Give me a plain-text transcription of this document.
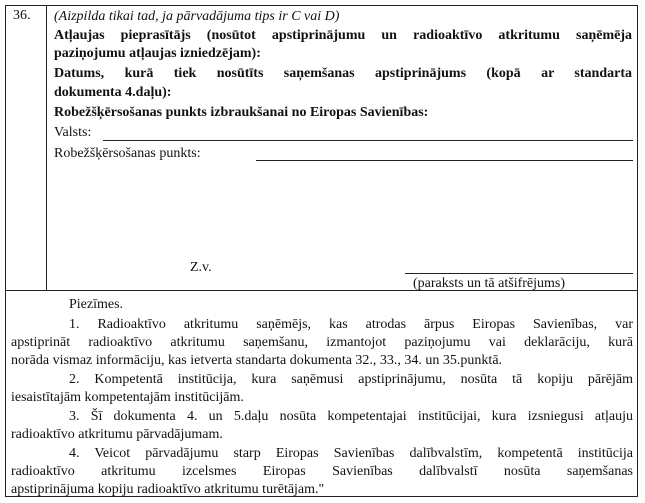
36. (Aizpilda tikai tad, ja pārvadājuma tips ir C vai D)
Atļaujas pieprasītājs (nosūtot apstiprinājumu un radioaktīvo atkritumu saņēmēja
paziņojumu atļaujas izniedzējam):
Datums, kurā tiek nosūtīts saņemšanas apstiprinājums (kopā ar standarta
dokumenta 4.daļu):
Robežšķērsošanas punkts izbraukšanai no Eiropas Savienības:
Valsts:
Robežšķērsošanas punkts:
Z.v.
(paraksts un tā atšifrējums)
Piezīmes.
1. Radioaktīvo atkritumu saņēmējs, kas atrodas ārpus Eiropas Savienības, var
apstiprināt radioaktīvo atkritumu saņemšanu, izmantojot paziņojumu vai deklarāciju, kurā
norāda vismaz informāciju, kas ietverta standarta dokumenta 32., 33., 34. un 35.punktā.
2. Kompetentā institūcija, kura saņēmusi apstiprinājumu, nosūta tā kopiju pārējām
iesaistītajām kompetentajām institūcijām.
3. Šī dokumenta 4. un 5.daļu nosūta kompetentajai institūcijai, kura izsniegusi atļauju
radioaktīvo atkritumu pārvadājumam.
4. Veicot pārvadājumu starp Eiropas Savienības dalībvalstīm, kompetentā institūcija
radioaktīvo atkritumu izcelsmes Eiropas Savienības dalībvalstī nosūta saņemšanas
apstiprinājuma kopiju radioaktīvo atkritumu turētājam."
